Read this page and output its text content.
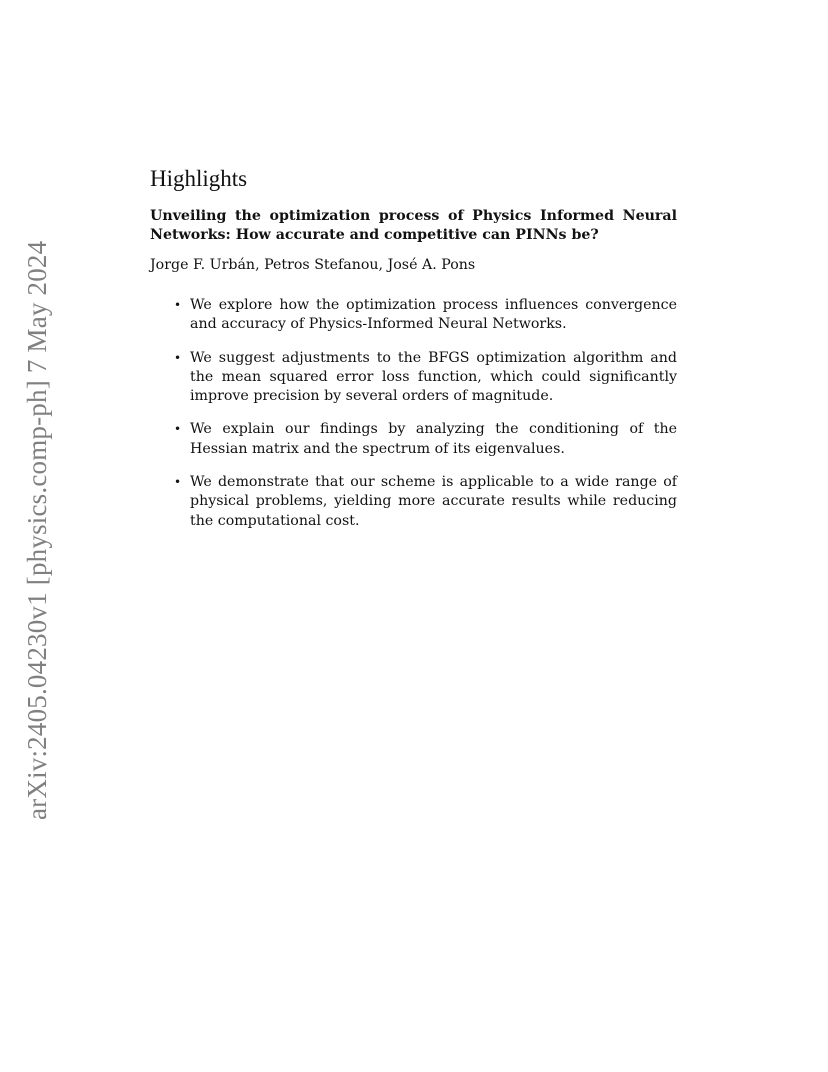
arXiv:2405.04230v1 [physics.comp-ph] 7 May 2024
Highlights

Unveiling the optimization process of Physics Informed Neural Networks: How accurate and competitive can PINNs be?

Jorge F. Urbán, Petros Stefanou, José A. Pons

• We explore how the optimization process influences convergence and accuracy of Physics-Informed Neural Networks.
• We suggest adjustments to the BFGS optimization algorithm and the mean squared error loss function, which could significantly improve precision by several orders of magnitude.
• We explain our findings by analyzing the conditioning of the Hessian matrix and the spectrum of its eigenvalues.
• We demonstrate that our scheme is applicable to a wide range of physical problems, yielding more accurate results while reducing the computational cost.
